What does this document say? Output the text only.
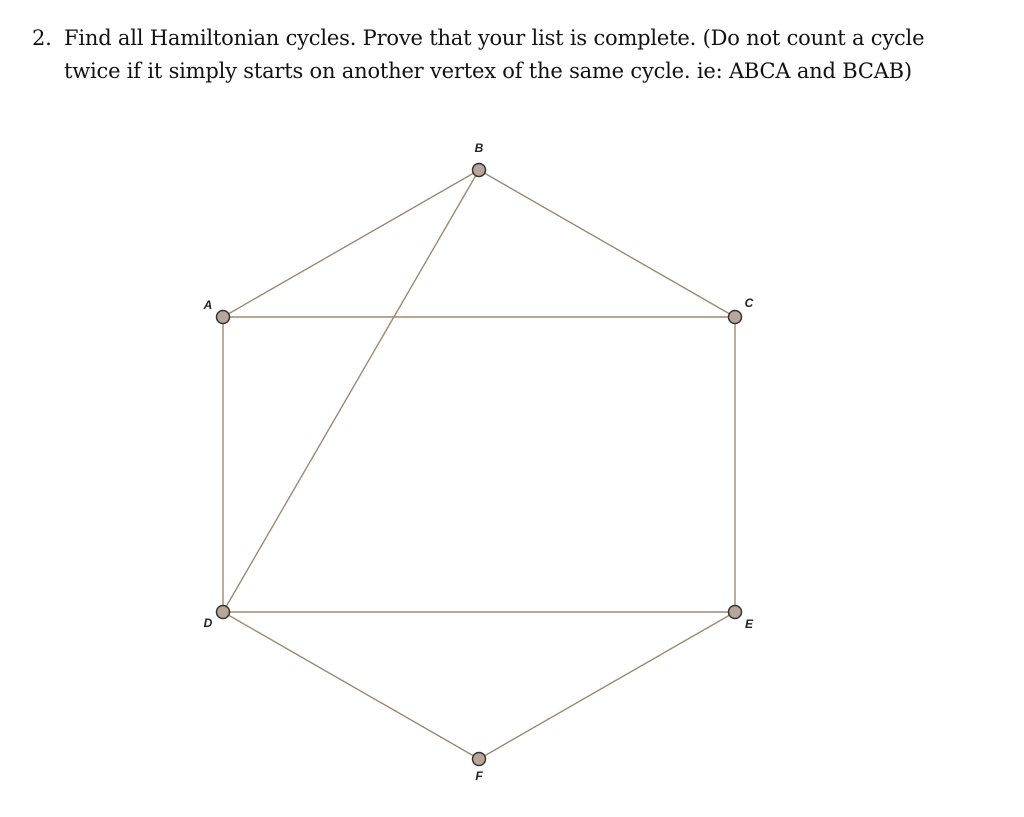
2. Find all Hamiltonian cycles. Prove that your list is complete. (Do not count a cycle
twice if it simply starts on another vertex of the same cycle. ie: ABCA and BCAB)
A
B
C
D	E
F
